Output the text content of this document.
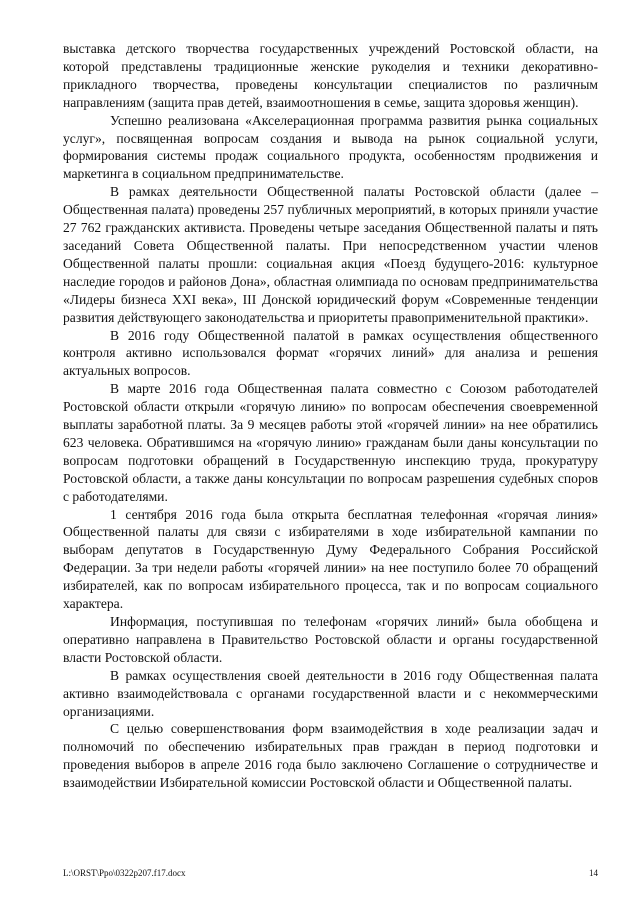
выставка детского творчества государственных учреждений Ростовской области, на которой представлены традиционные женские рукоделия и техники декоративно-прикладного творчества, проведены консультации специалистов по различным направлениям (защита прав детей, взаимоотношения в семье, защита здоровья женщин).

Успешно реализована «Акселерационная программа развития рынка социальных услуг», посвященная вопросам создания и вывода на рынок социальной услуги, формирования системы продаж социального продукта, особенностям продвижения и маркетинга в социальном предпринимательстве.

В рамках деятельности Общественной палаты Ростовской области (далее – Общественная палата) проведены 257 публичных мероприятий, в которых приняли участие 27 762 гражданских активиста. Проведены четыре заседания Общественной палаты и пять заседаний Совета Общественной палаты. При непосредственном участии членов Общественной палаты прошли: социальная акция «Поезд будущего-2016: культурное наследие городов и районов Дона», областная олимпиада по основам предпринимательства «Лидеры бизнеса XXI века», III Донской юридический форум «Современные тенденции развития действующего законодательства и приоритеты правоприменительной практики».

В 2016 году Общественной палатой в рамках осуществления общественного контроля активно использовался формат «горячих линий» для анализа и решения актуальных вопросов.

В марте 2016 года Общественная палата совместно с Союзом работодателей Ростовской области открыли «горячую линию» по вопросам обеспечения своевременной выплаты заработной платы. За 9 месяцев работы этой «горячей линии» на нее обратились 623 человека. Обратившимся на «горячую линию» гражданам были даны консультации по вопросам подготовки обращений в Государственную инспекцию труда, прокуратуру Ростовской области, а также даны консультации по вопросам разрешения судебных споров с работодателями.

1 сентября 2016 года была открыта бесплатная телефонная «горячая линия» Общественной палаты для связи с избирателями в ходе избирательной кампании по выборам депутатов в Государственную Думу Федерального Собрания Российской Федерации. За три недели работы «горячей линии» на нее поступило более 70 обращений избирателей, как по вопросам избирательного процесса, так и по вопросам социального характера.

Информация, поступившая по телефонам «горячих линий» была обобщена и оперативно направлена в Правительство Ростовской области и органы государственной власти Ростовской области.

В рамках осуществления своей деятельности в 2016 году Общественная палата активно взаимодействовала с органами государственной власти и с некоммерческими организациями.

С целью совершенствования форм взаимодействия в ходе реализации задач и полномочий по обеспечению избирательных прав граждан в период подготовки и проведения выборов в апреле 2016 года было заключено Соглашение о сотрудничестве и взаимодействии Избирательной комиссии Ростовской области и Общественной палаты.

L:\ORST\Ppo\0322p207.f17.docx	14
